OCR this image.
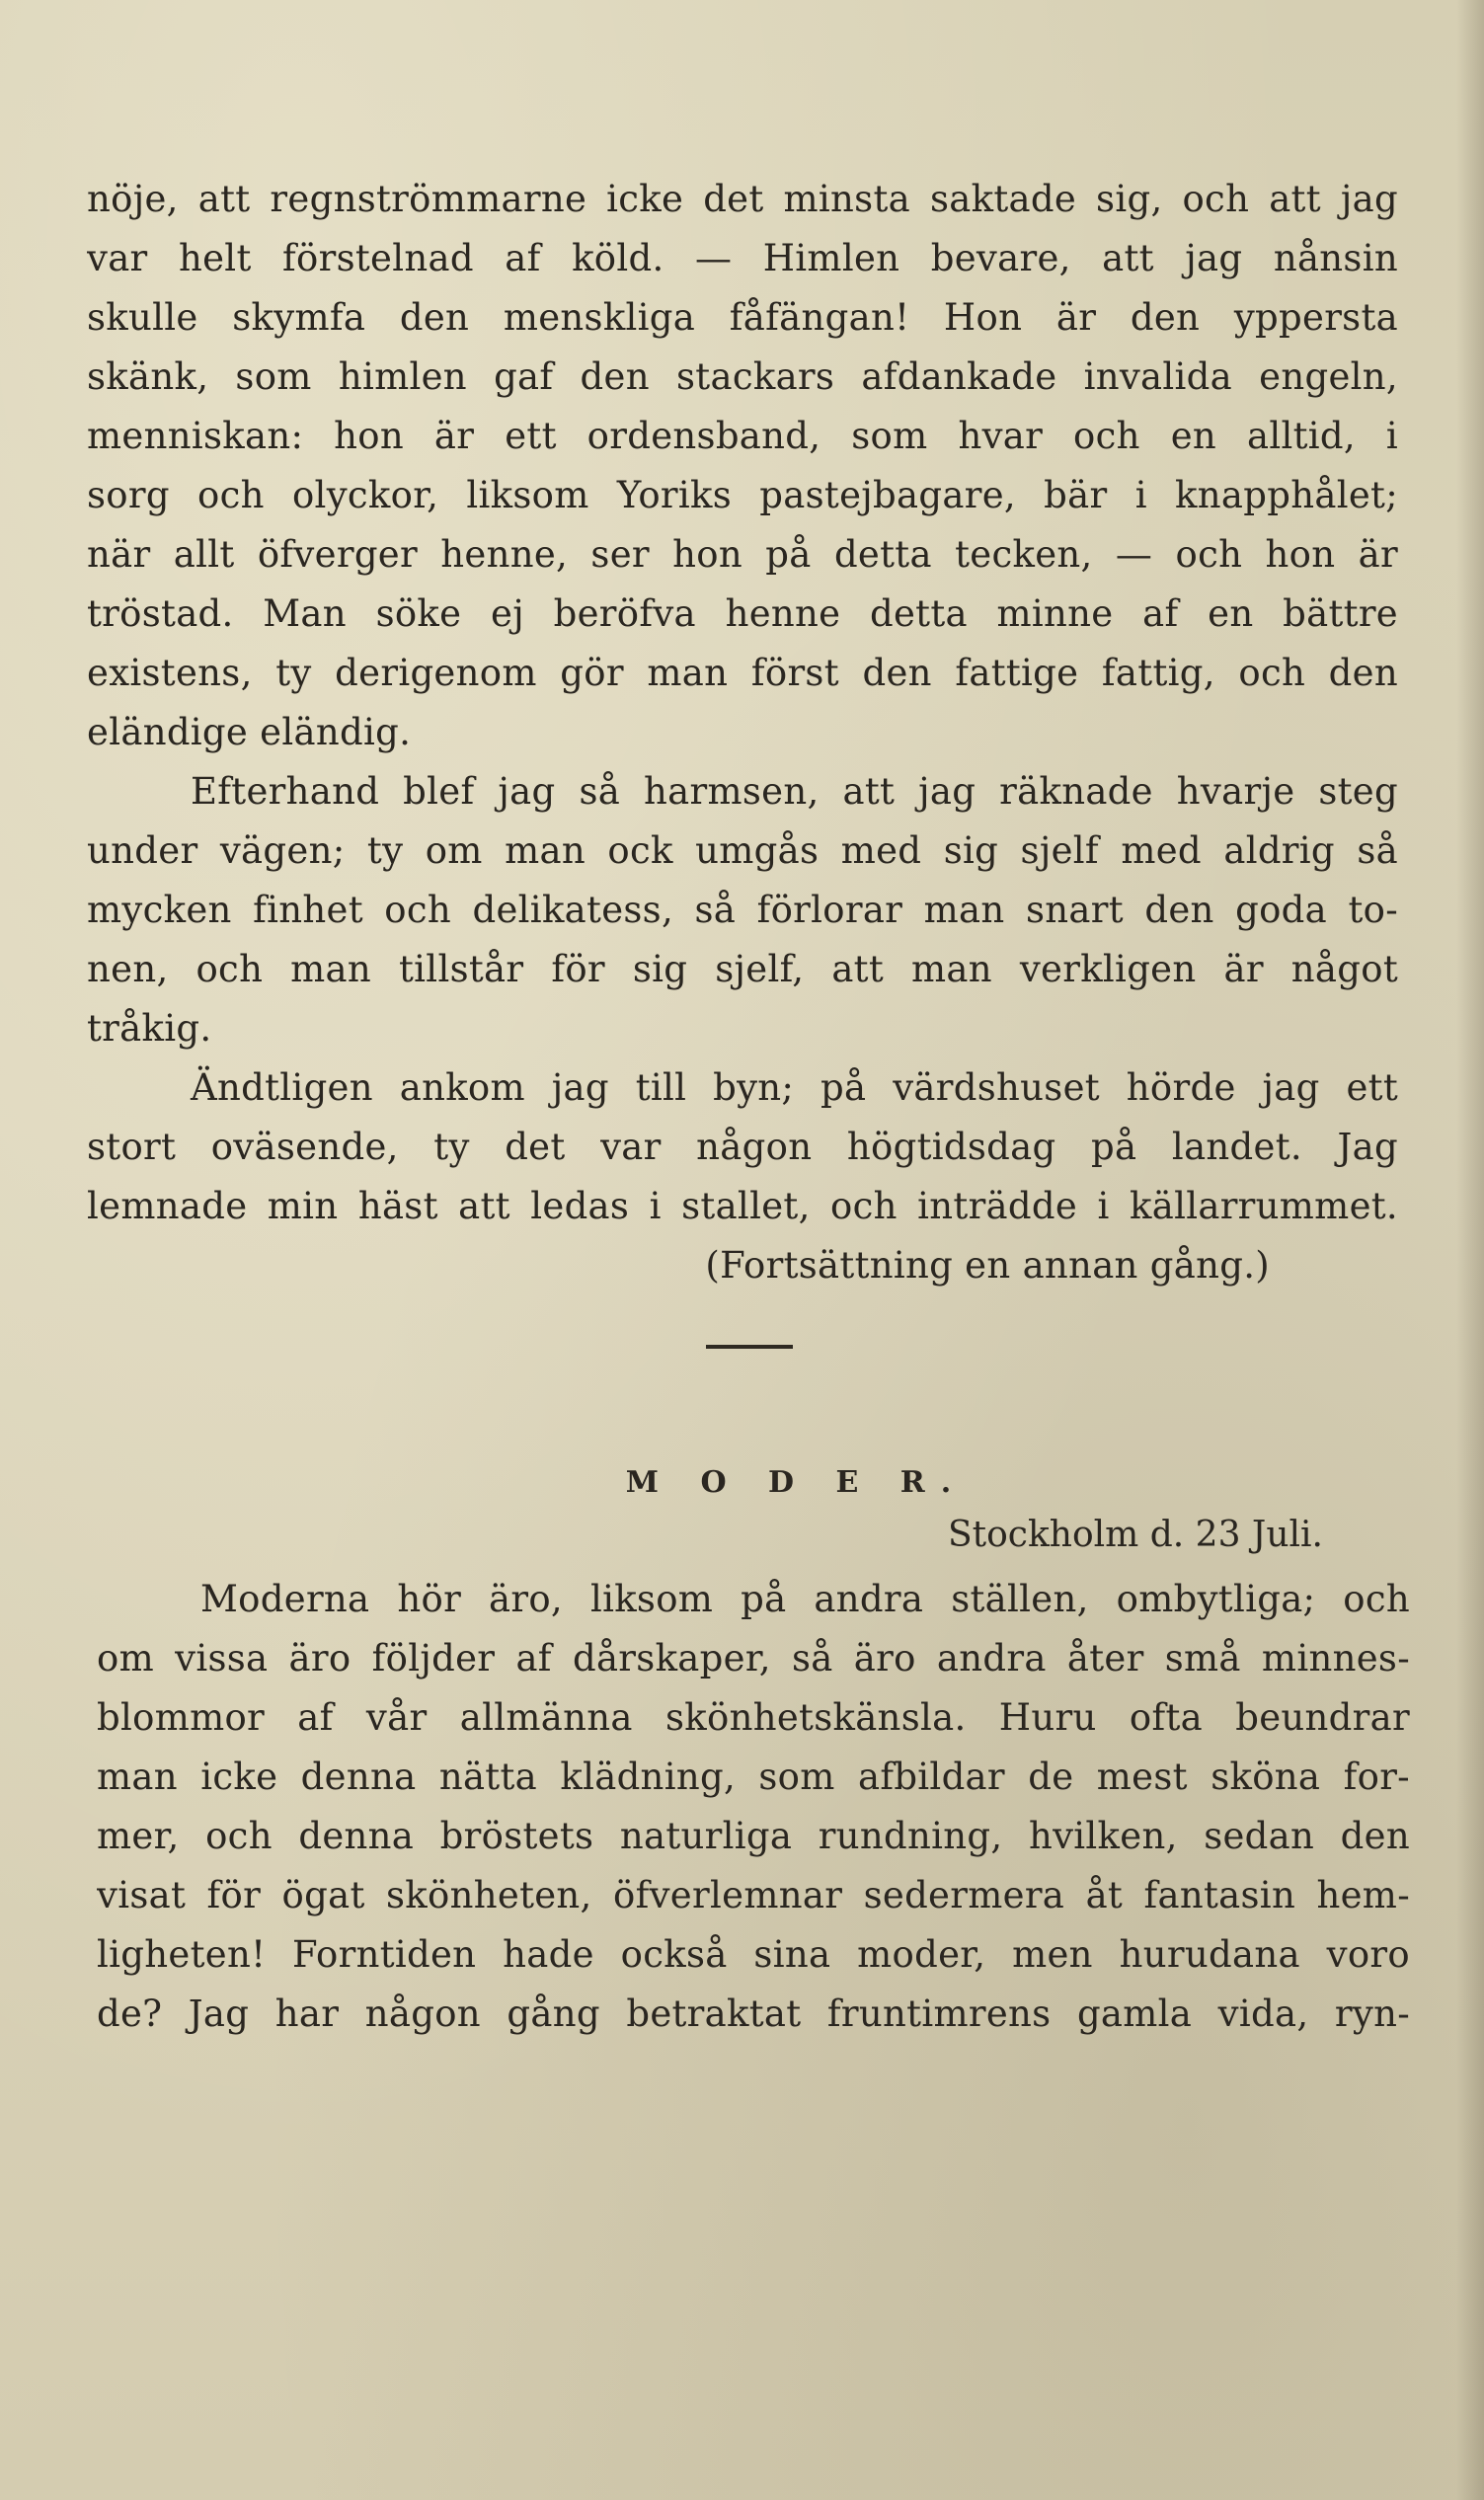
nöje, att regnströmmarne icke det minsta saktade sig, och att jag
var helt förstelnad af köld. — Himlen bevare, att jag nånsin
skulle skymfa den menskliga fåfängan! Hon är den yppersta
skänk, som himlen gaf den stackars afdankade invalida engeln,
menniskan: hon är ett ordensband, som hvar och en alltid, i
sorg och olyckor, liksom Yoriks pastejbagare, bär i knapphålet;
när allt öfverger henne, ser hon på detta tecken, — och hon är
tröstad. Man söke ej beröfva henne detta minne af en bättre
existens, ty derigenom gör man först den fattige fattig, och den
eländige eländig.
Efterhand blef jag så harmsen, att jag räknade hvarje steg
under vägen; ty om man ock umgås med sig sjelf med aldrig så
mycken finhet och delikatess, så förlorar man snart den goda to-
nen, och man tillstår för sig sjelf, att man verkligen är något
tråkig.
Ändtligen ankom jag till byn; på värdshuset hörde jag ett
stort oväsende, ty det var någon högtidsdag på landet. Jag
lemnade min häst att ledas i stallet, och inträdde i källarrummet.
(Fortsättning en annan gång.)
M O D E R.
Stockholm d. 23 Juli.
Moderna hör äro, liksom på andra ställen, ombytliga; och
om vissa äro följder af dårskaper, så äro andra åter små minnes-
blommor af vår allmänna skönhetskänsla. Huru ofta beundrar
man icke denna nätta klädning, som afbildar de mest sköna for-
mer, och denna bröstets naturliga rundning, hvilken, sedan den
visat för ögat skönheten, öfverlemnar sedermera åt fantasin hem-
ligheten! Forntiden hade också sina moder, men hurudana voro
de? Jag har någon gång betraktat fruntimrens gamla vida, ryn-
